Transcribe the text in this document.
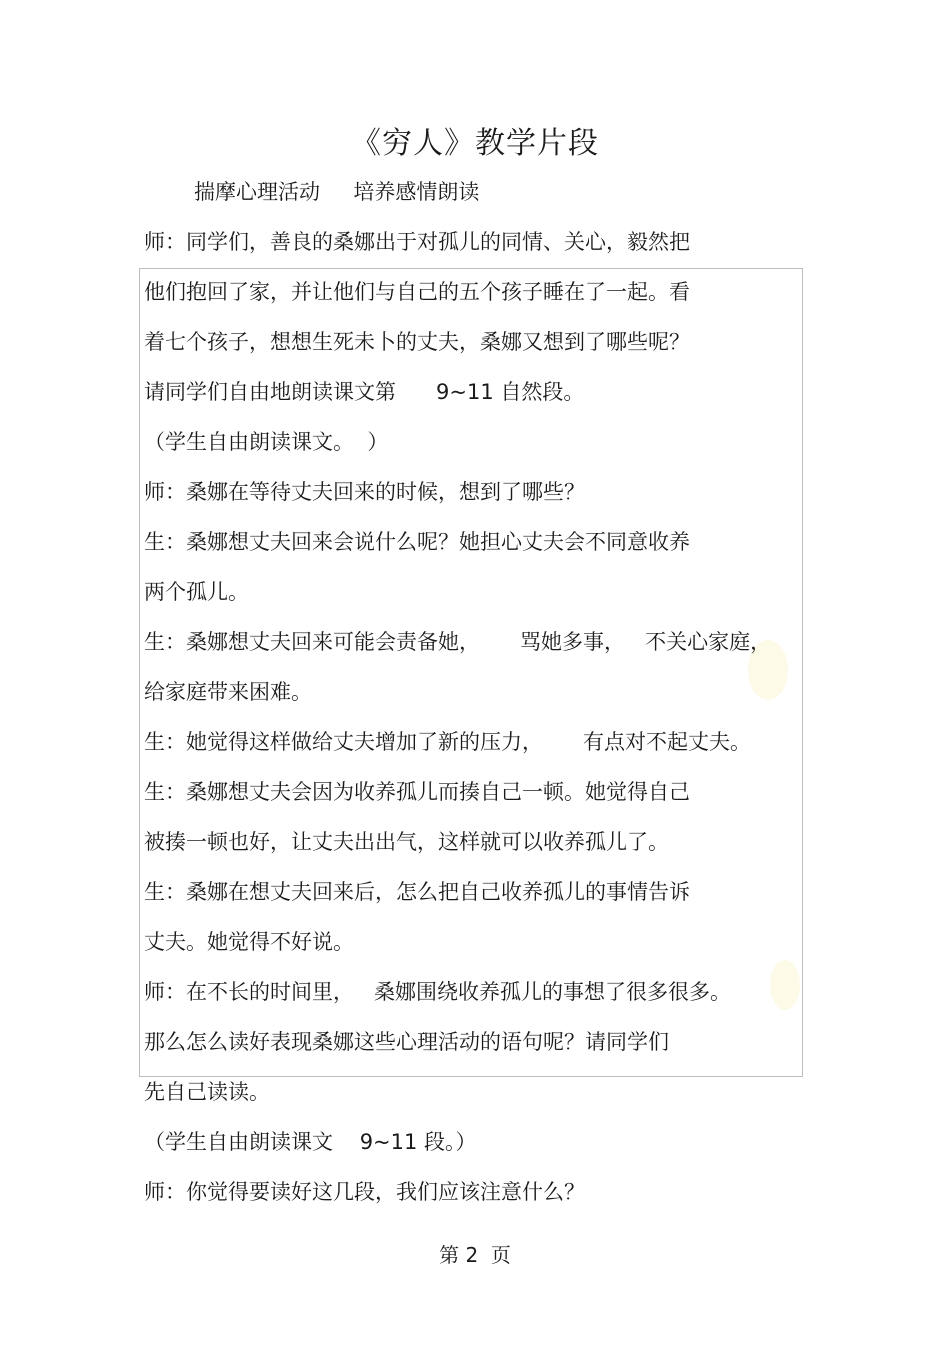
《穷人》教学片段
揣摩心理活动     培养感情朗读
师：同学们，善良的桑娜出于对孤儿的同情、关心，毅然把
他们抱回了家，并让他们与自己的五个孩子睡在了一起。看
着七个孩子，想想生死未卜的丈夫，桑娜又想到了哪些呢？
请同学们自由地朗读课文第      9~11 自然段。
（学生自由朗读课文。  ）
师：桑娜在等待丈夫回来的时候，想到了哪些？
生：桑娜想丈夫回来会说什么呢？她担心丈夫会不同意收养
两个孤儿。
生：桑娜想丈夫回来可能会责备她，      骂她多事，   不关心家庭，
给家庭带来困难。
生：她觉得这样做给丈夫增加了新的压力，      有点对不起丈夫。
生：桑娜想丈夫会因为收养孤儿而揍自己一顿。她觉得自己
被揍一顿也好，让丈夫出出气，这样就可以收养孤儿了。
生：桑娜在想丈夫回来后，怎么把自己收养孤儿的事情告诉
丈夫。她觉得不好说。
师：在不长的时间里，   桑娜围绕收养孤儿的事想了很多很多。
那么怎么读好表现桑娜这些心理活动的语句呢？请同学们
先自己读读。
（学生自由朗读课文    9~11 段。）
师：你觉得要读好这几段，我们应该注意什么？
第 2  页
